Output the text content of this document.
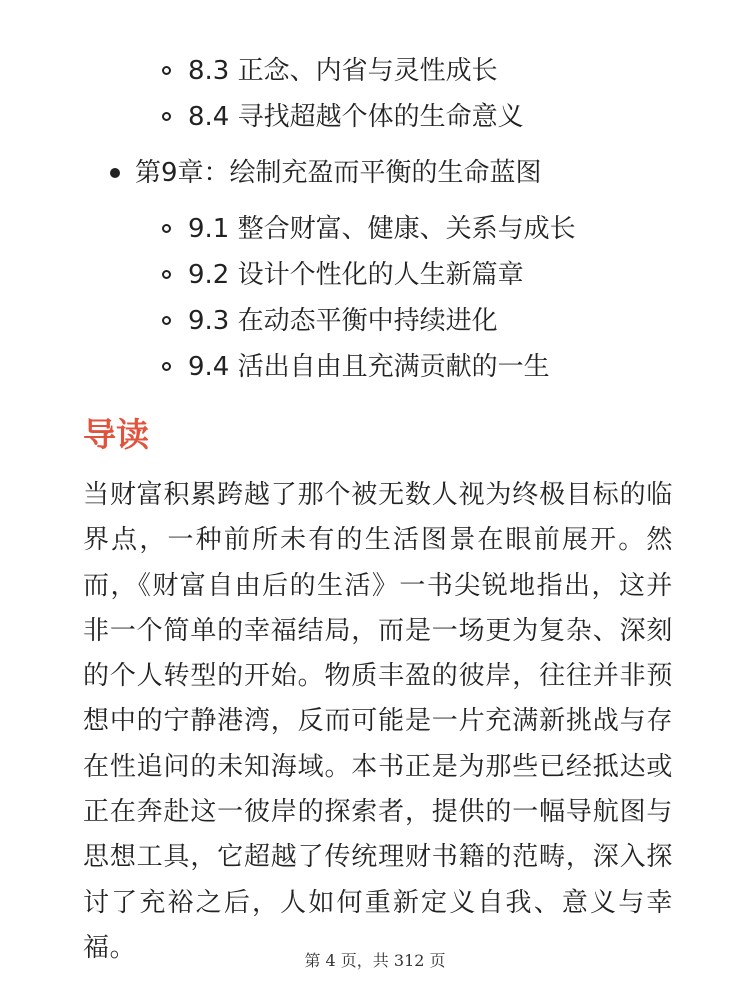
8.3 正念、内省与灵性成长
8.4 寻找超越个体的生命意义
第9章：绘制充盈而平衡的生命蓝图
9.1 整合财富、健康、关系与成长
9.2 设计个性化的人生新篇章
9.3 在动态平衡中持续进化
9.4 活出自由且充满贡献的一生
导读

当财富积累跨越了那个被无数人视为终极目标的临界点，一种前所未有的生活图景在眼前展开。然而，《财富自由后的生活》一书尖锐地指出，这并非一个简单的幸福结局，而是一场更为复杂、深刻的个人转型的开始。物质丰盈的彼岸，往往并非预想中的宁静港湾，反而可能是一片充满新挑战与存在性追问的未知海域。本书正是为那些已经抵达或正在奔赴这一彼岸的探索者，提供的一幅导航图与思想工具，它超越了传统理财书籍的范畴，深入探讨了充裕之后，人如何重新定义自我、意义与幸福。	第 4 页，共 312 页
